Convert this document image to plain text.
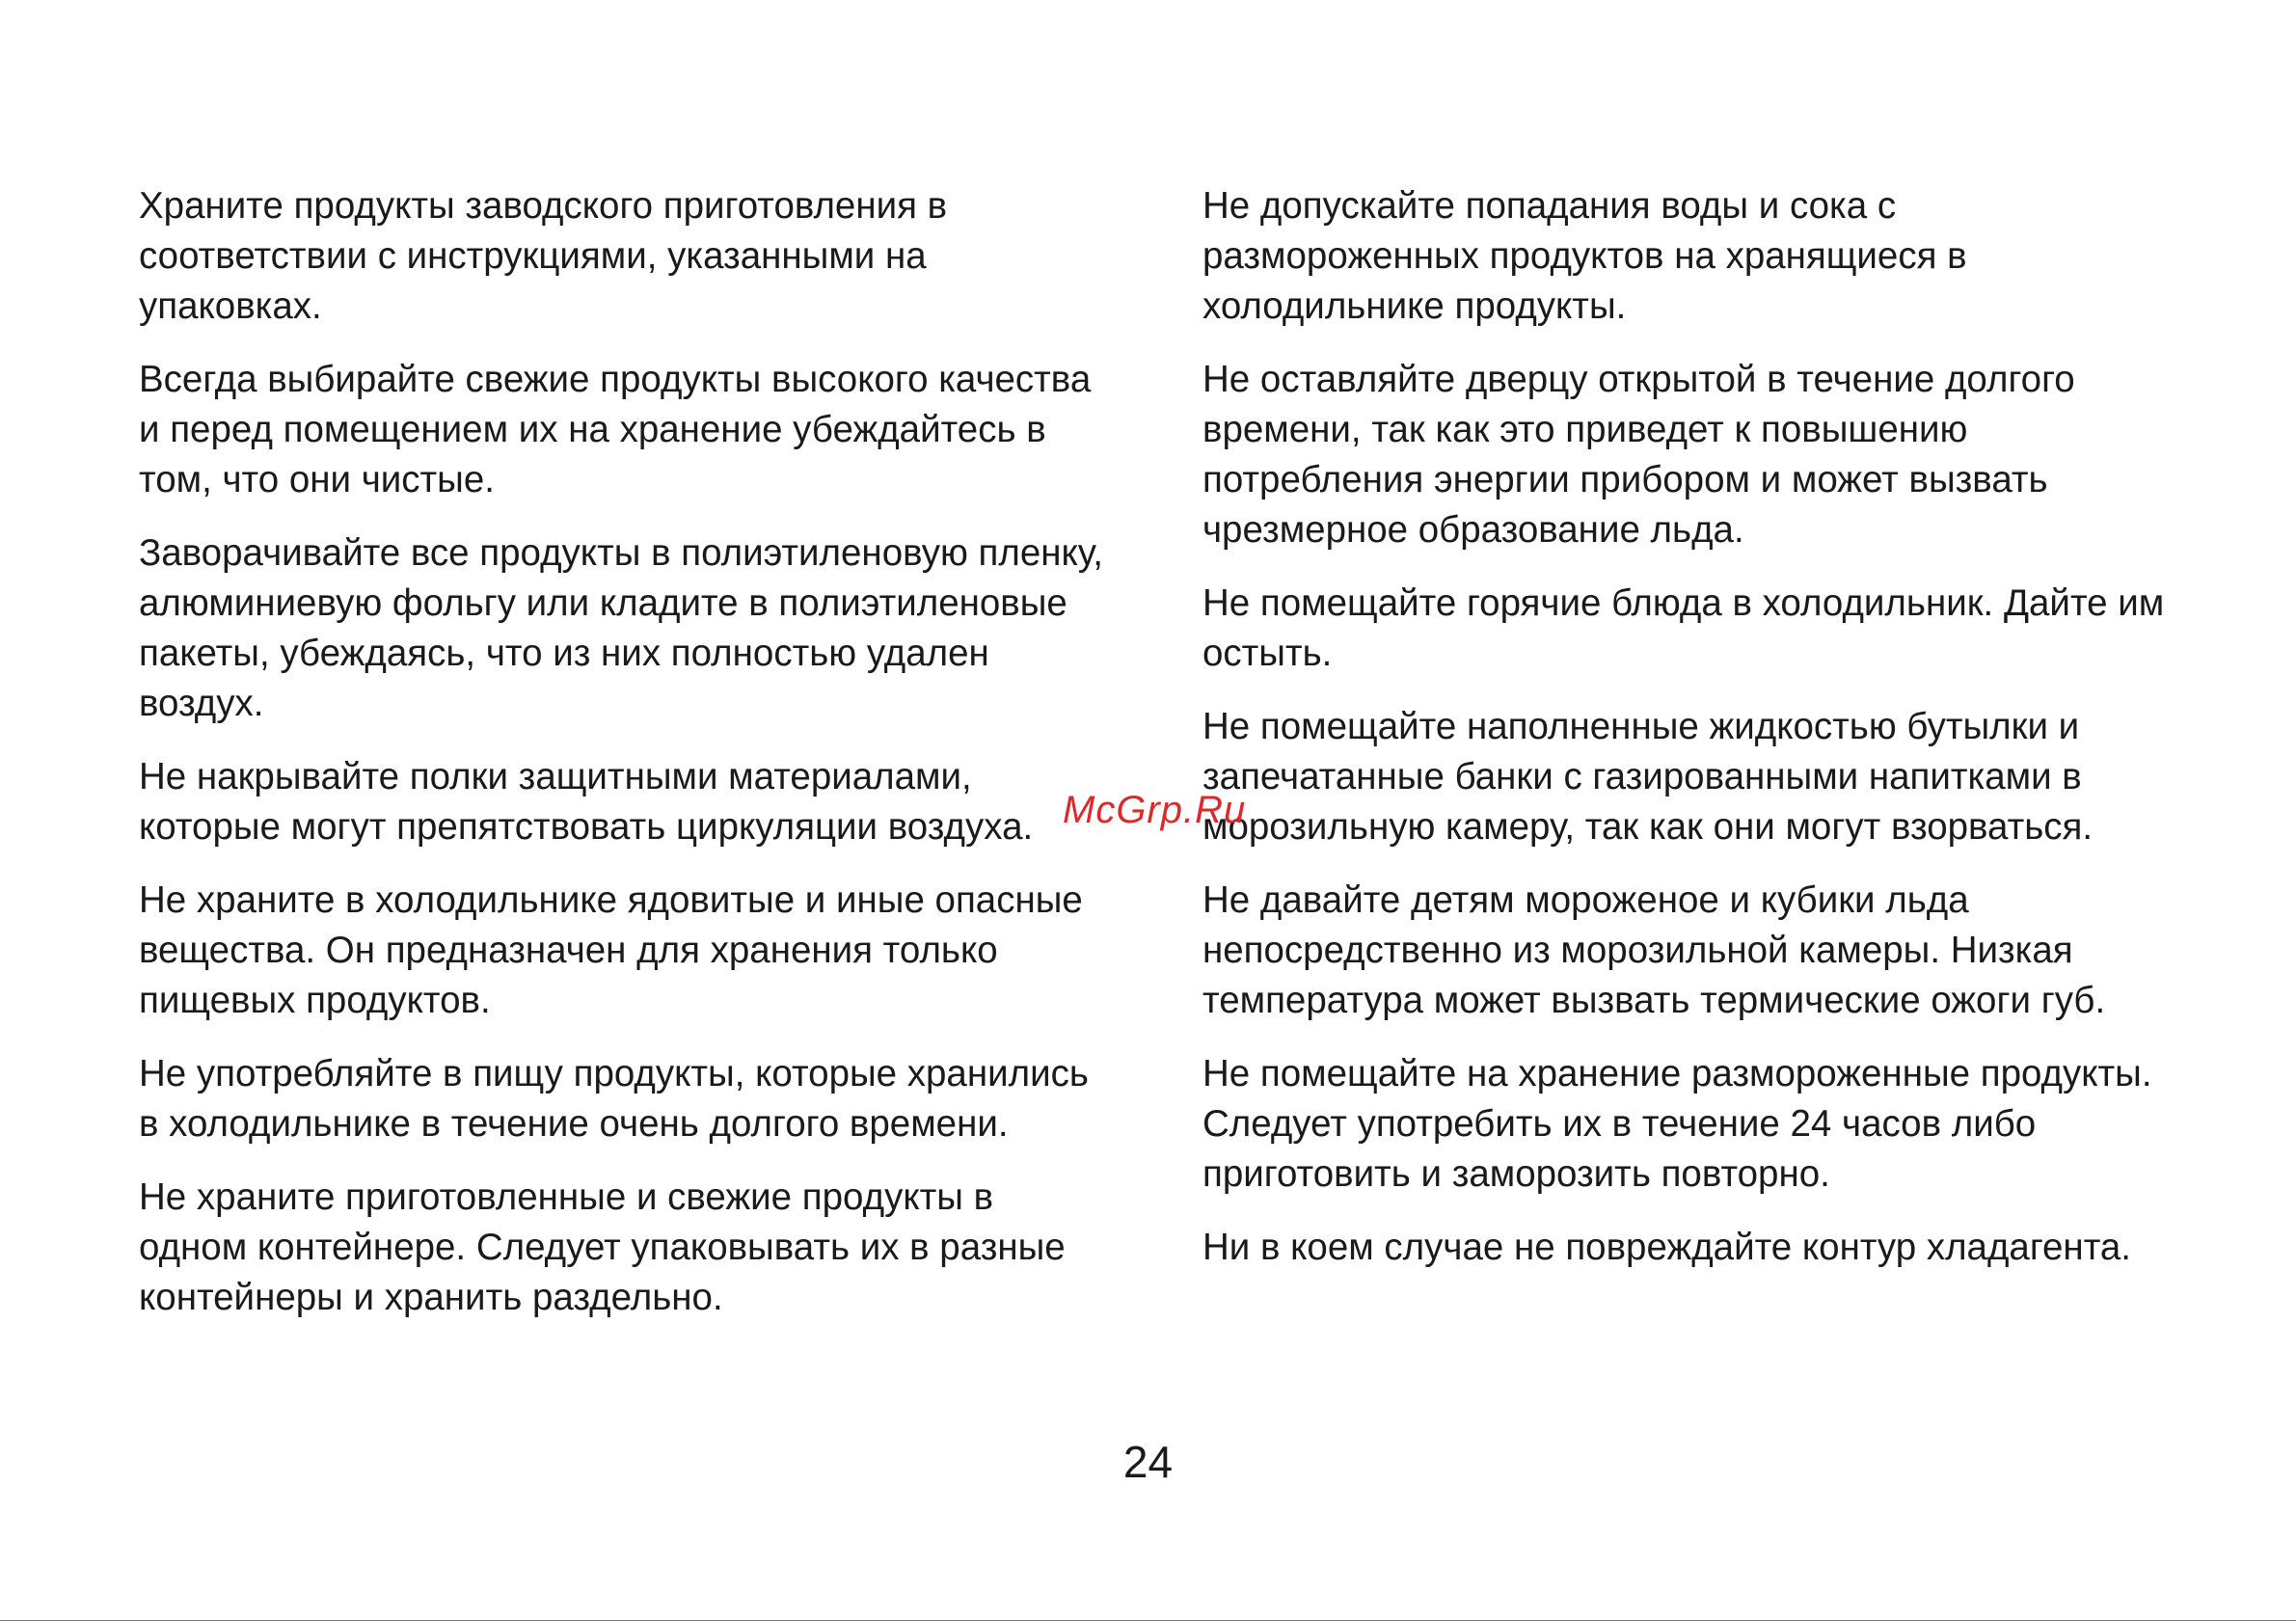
Храните продукты заводского приготовления в соответствии с инструкциями, указанными на упаковках.

Всегда выбирайте свежие продукты высокого качества и перед помещением их на хранение убеждайтесь в том, что они чистые.

Заворачивайте все продукты в полиэтиленовую пленку, алюминиевую фольгу или кладите в полиэтиленовые пакеты, убеждаясь, что из них полностью удален воздух.

Не накрывайте полки защитными материалами, которые могут препятствовать циркуляции воздуха.

Не храните в холодильнике ядовитые и иные опасные вещества. Он предназначен для хранения только пищевых продуктов.

Не употребляйте в пищу продукты, которые хранились в холодильнике в течение очень долгого времени.

Не храните приготовленные и свежие продукты в одном контейнере. Следует упаковывать их в разные контейнеры и хранить раздельно.

Не допускайте попадания воды и сока с размороженных продуктов на хранящиеся в холодильнике продукты.

Не оставляйте дверцу открытой в течение долгого времени, так как это приведет к повышению потребления энергии прибором и может вызвать чрезмерное образование льда.

Не помещайте горячие блюда в холодильник. Дайте им остыть.

Не помещайте наполненные жидкостью бутылки и запечатанные банки с газированными напитками в морозильную камеру, так как они могут взорваться.

Не давайте детям мороженое и кубики льда непосредственно из морозильной камеры. Низкая температура может вызвать термические ожоги губ.

Не помещайте на хранение размороженные продукты. Следует употребить их в течение 24 часов либо приготовить и заморозить повторно.

Ни в коем случае не повреждайте контур хладагента.

McGrp.Ru
24
